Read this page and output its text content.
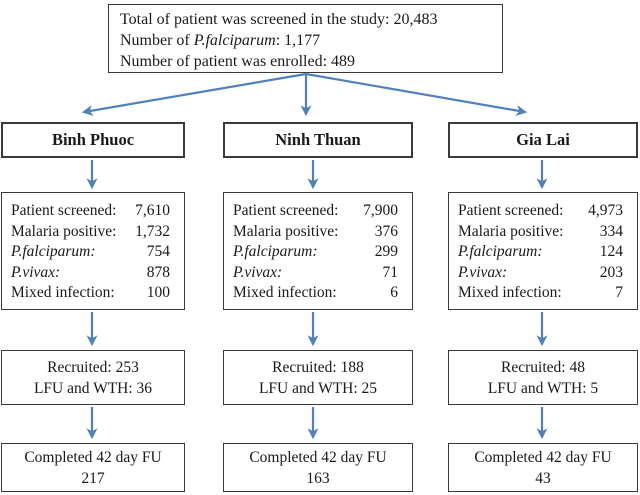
Total of patient was screened in the study: 20,483
Number of P.falciparum: 1,177
Number of patient was enrolled: 489
Binh Phuoc	Ninh Thuan	Gia Lai
Patient screened: 7,610
Malaria positive: 1,732
P.falciparum:	754
P.vivax:	878
Mixed infection: 100
Patient screened: 7,900
Malaria positive: 376
P.falciparum:	299
P.vivax:	71
Mixed infection:	6
Patient screened: 4,973
Malaria positive: 334
P.falciparum:	124
P.vivax:	203
Mixed infection:	7
Recruited: 253
LFU and WTH: 36
Recruited: 188
LFU and WTH: 25
Recruited: 48
LFU and WTH: 5
Completed 42 day FU
217
Completed 42 day FU
163
Completed 42 day FU
43
